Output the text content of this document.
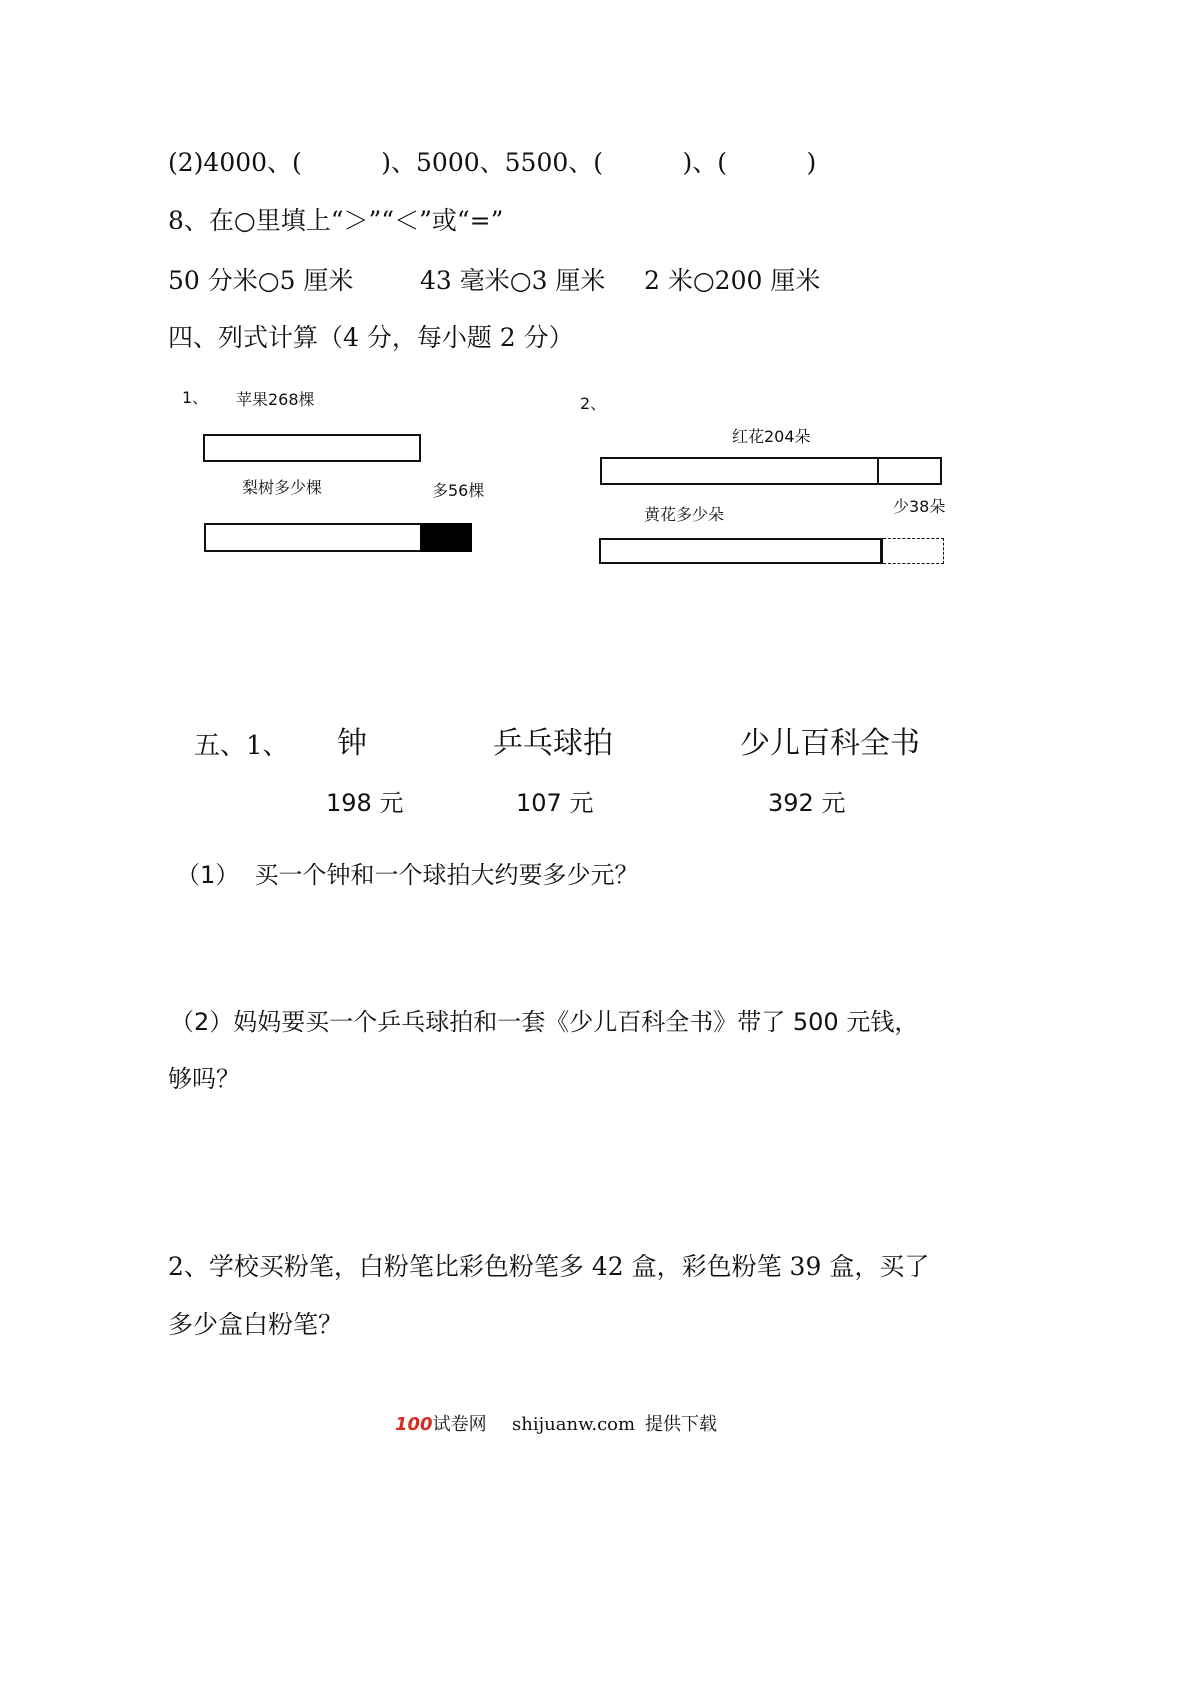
(2)4000、(          )、5000、5500、(          )、(          )
8、在○里填上“＞”“＜”或“=”
50 分米○5 厘米	43 毫米○3 厘米 2 米○200 厘米
四、列式计算（4 分，每小题 2 分）
1、 苹果268棵
梨树多少棵	多56棵
2、
红花204朵
黄花多少朵	少38朵
五、1、 钟	乒乓球拍	少儿百科全书
198 元	107 元	392 元
（1）  买一个钟和一个球拍大约要多少元？
（2）妈妈要买一个乒乓球拍和一套《少儿百科全书》带了 500 元钱，
够吗？
2、学校买粉笔，白粉笔比彩色粉笔多 42 盒，彩色粉笔 39 盒，买了
多少盒白粉笔？
100试卷网 shijuanw.com 提供下载
